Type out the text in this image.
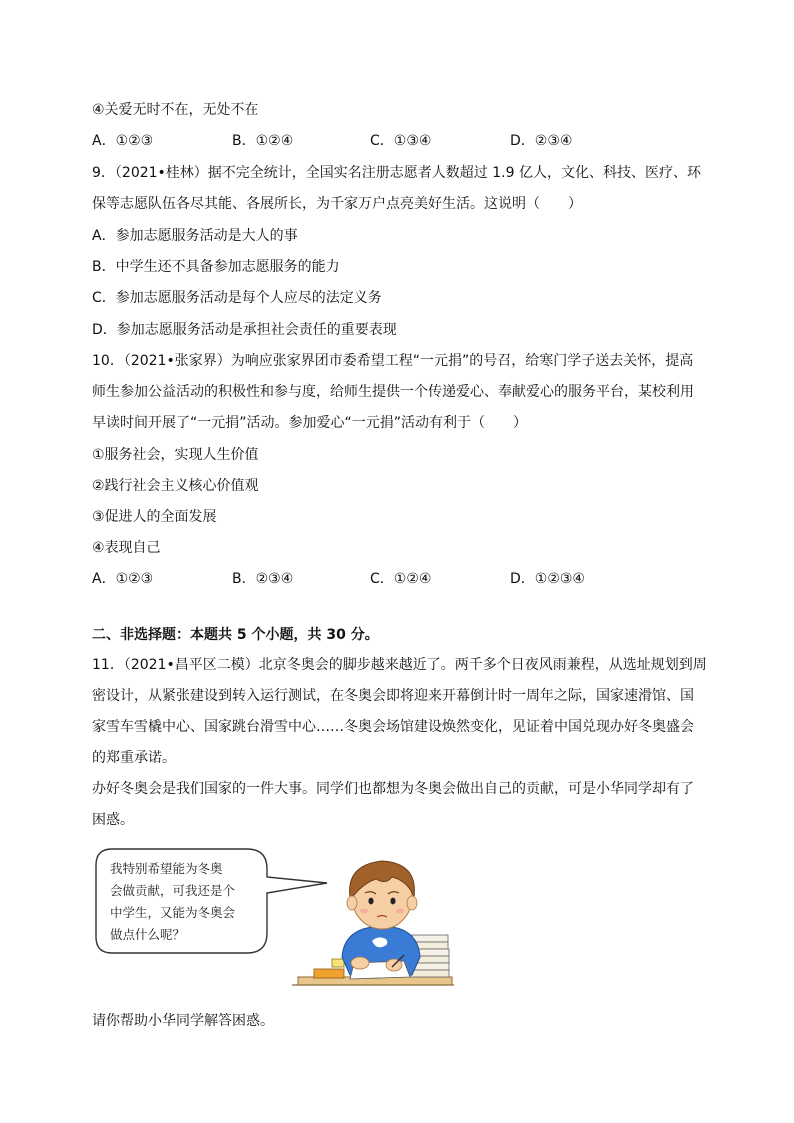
④关爱无时不在，无处不在
A．①②③	B．①②④	C．①③④	D．②③④
9．（2021•桂林）据不完全统计，全国实名注册志愿者人数超过 1.9 亿人，文化、科技、医疗、环
保等志愿队伍各尽其能、各展所长，为千家万户点亮美好生活。这说明（　　）
A．参加志愿服务活动是大人的事
B．中学生还不具备参加志愿服务的能力
C．参加志愿服务活动是每个人应尽的法定义务
D．参加志愿服务活动是承担社会责任的重要表现
10．（2021•张家界）为响应张家界团市委希望工程“一元捐”的号召，给寒门学子送去关怀，提高
师生参加公益活动的积极性和参与度，给师生提供一个传递爱心、奉献爱心的服务平台，某校利用
早读时间开展了“一元捐”活动。参加爱心“一元捐”活动有利于（　　）
①服务社会，实现人生价值
②践行社会主义核心价值观
③促进人的全面发展
④表现自己
A．①②③	B．②③④	C．①②④	D．①②③④
二、非选择题：本题共 5 个小题，共 30 分。
11．（2021•昌平区二模）北京冬奥会的脚步越来越近了。两千多个日夜风雨兼程，从选址规划到周
密设计，从紧张建设到转入运行测试，在冬奥会即将迎来开幕倒计时一周年之际，国家速滑馆、国
家雪车雪橇中心、国家跳台滑雪中心……冬奥会场馆建设焕然变化，见证着中国兑现办好冬奥盛会
的郑重承诺。
办好冬奥会是我们国家的一件大事。同学们也都想为冬奥会做出自己的贡献，可是小华同学却有了
困惑。
我特别希望能为冬奥
会做贡献，可我还是个
中学生，又能为冬奥会
做点什么呢？
请你帮助小华同学解答困惑。
